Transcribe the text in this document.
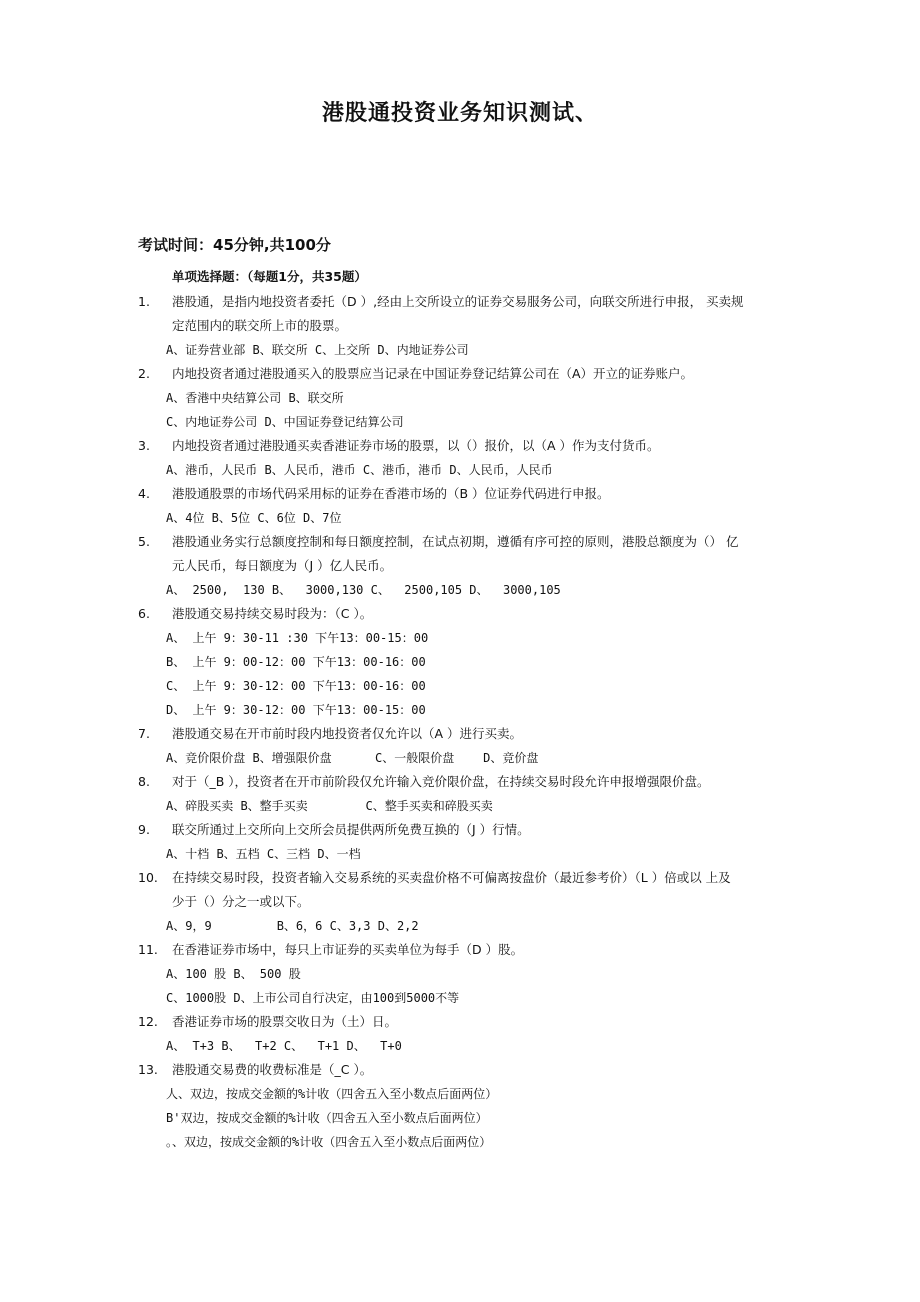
港股通投资业务知识测试、
考试时间：45分钟,共100分
单项选择题：（每题1分，共35题）
1. 港股通，是指内地投资者委托（D ）,经由上交所设立的证券交易服务公司，向联交所进行申报， 买卖规
定范围内的联交所上市的股票。
A、证券营业部 B、联交所 C、上交所 D、内地证券公司
2. 内地投资者通过港股通买入的股票应当记录在中国证券登记结算公司在（A）开立的证券账户。
A、香港中央结算公司 B、联交所
C、内地证券公司 D、中国证券登记结算公司
3. 内地投资者通过港股通买卖香港证券市场的股票，以（）报价，以（A ）作为支付货币。
A、港币，人民币 B、人民币，港币 C、港币，港币 D、人民币，人民币
4. 港股通股票的市场代码采用标的证券在香港市场的（B ）位证券代码进行申报。
A、4位 B、5位 C、6位 D、7位
5. 港股通业务实行总额度控制和每日额度控制，在试点初期，遵循有序可控的原则，港股总额度为（） 亿
元人民币，每日额度为（J ）亿人民币。
A、 2500,  130 B、  3000,130 C、  2500,105 D、  3000,105
6. 港股通交易持续交易时段为：（C ）。
A、 上午 9：30-11 :30 下午13：00-15：00
B、 上午 9：00-12：00 下午13：00-16：00
C、 上午 9：30-12：00 下午13：00-16：00
D、 上午 9：30-12：00 下午13：00-15：00
7. 港股通交易在开市前时段内地投资者仅允许以（A ）进行买卖。
A、竞价限价盘 B、增强限价盘      C、一般限价盘    D、竞价盘
8. 对于（_B ），投资者在开市前阶段仅允许输入竞价限价盘，在持续交易时段允许申报增强限价盘。
A、碎股买卖 B、整手买卖        C、整手买卖和碎股买卖
9. 联交所通过上交所向上交所会员提供两所免费互换的（J ）行情。
A、十档 B、五档 C、三档 D、一档
10. 在持续交易时段，投资者输入交易系统的买卖盘价格不可偏离按盘价（最近参考价）（L ）倍或以 上及
少于（）分之一或以下。
A、9，9         B、6，6 C、3,3 D、2,2
11. 在香港证券市场中，每只上市证券的买卖单位为每手（D ）股。
A、100 股 B、 500 股
C、1000股 D、上市公司自行决定，由100到5000不等
12. 香港证券市场的股票交收日为（土）日。
A、 T+3 B、  T+2 C、  T+1 D、  T+0
13. 港股通交易费的收费标准是（_C ）。
人、双边，按成交金额的%计收（四舍五入至小数点后面两位）
B'双边，按成交金额的%计收（四舍五入至小数点后面两位）
。、双边，按成交金额的%计收（四舍五入至小数点后面两位）
